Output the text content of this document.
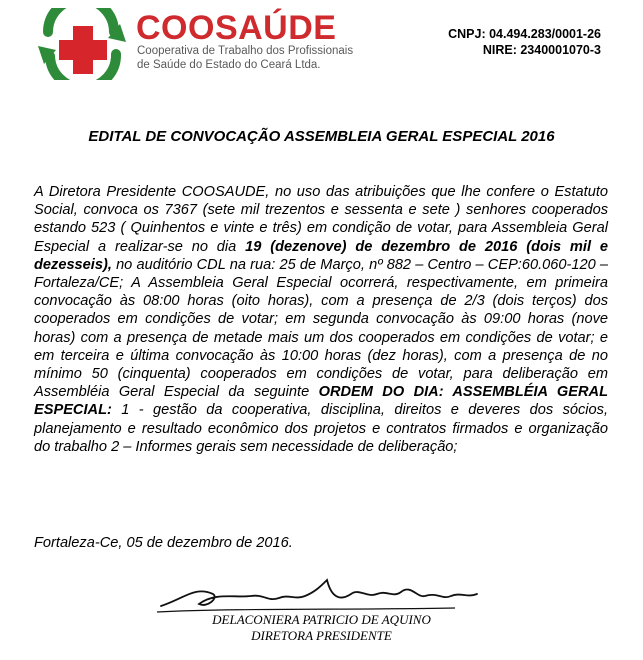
COOSAÚDE
Cooperativa de Trabalho dos Profissionais
de Saúde do Estado do Ceará Ltda.
CNPJ: 04.494.283/0001-26
NIRE: 2340001070-3
EDITAL DE CONVOCAÇÃO ASSEMBLEIA GERAL ESPECIAL 2016
A Diretora Presidente COOSAUDE, no uso das atribuições que lhe confere o Estatuto Social, convoca os 7367 (sete mil trezentos e sessenta e sete ) senhores cooperados estando 523 ( Quinhentos e vinte e três) em condição de votar, para Assembleia Geral Especial a realizar-se no dia 19 (dezenove) de dezembro de 2016 (dois mil e dezesseis), no auditório CDL na rua: 25 de Março, nº 882 – Centro – CEP:60.060-120 – Fortaleza/CE; A Assembleia Geral Especial ocorrerá, respectivamente, em primeira convocação às 08:00 horas (oito horas), com a presença de 2/3 (dois terços) dos cooperados em condições de votar; em segunda convocação às 09:00 horas (nove horas) com a presença de metade mais um dos cooperados em condições de votar; e em terceira e última convocação às 10:00 horas (dez horas), com a presença de no mínimo 50 (cinquenta) cooperados em condições de votar, para deliberação em Assembléia Geral Especial da seguinte ORDEM DO DIA: ASSEMBLÉIA GERAL ESPECIAL: 1 - gestão da cooperativa, disciplina, direitos e deveres dos sócios, planejamento e resultado econômico dos projetos e contratos firmados e organização do trabalho 2 – Informes gerais sem necessidade de deliberação;
Fortaleza-Ce, 05 de dezembro de 2016.
DELACONIERA PATRICIO DE AQUINO
DIRETORA PRESIDENTE
